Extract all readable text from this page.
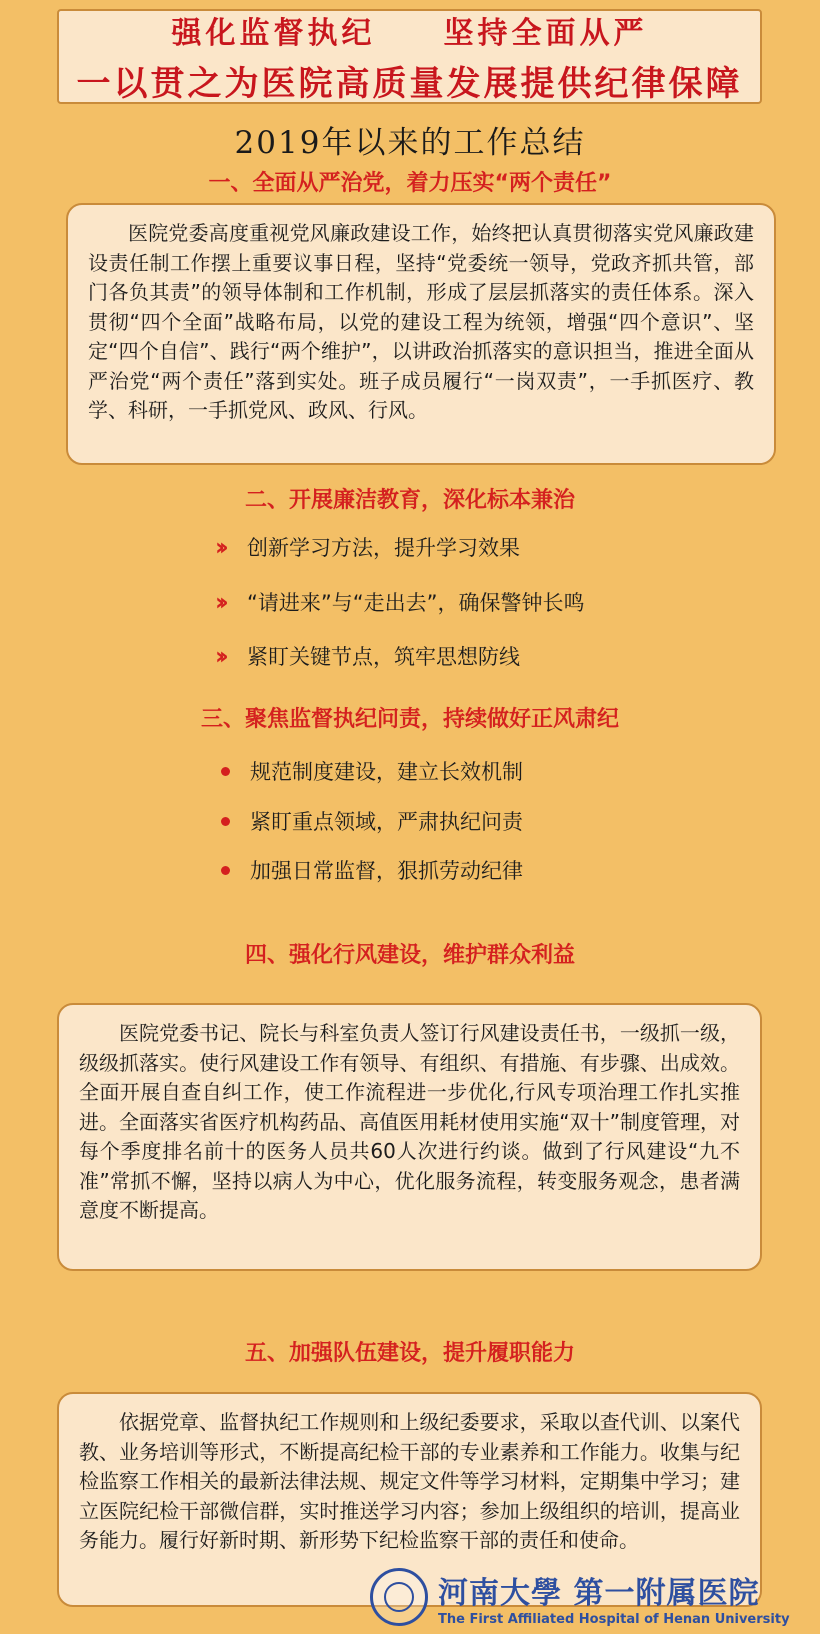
强化监督执纪　　坚持全面从严
一以贯之为医院高质量发展提供纪律保障
2019年以来的工作总结
一、全面从严治党，着力压实“两个责任”
医院党委高度重视党风廉政建设工作，始终把认真贯彻落实党风廉政建设责任制工作摆上重要议事日程，坚持“党委统一领导，党政齐抓共管，部门各负其责”的领导体制和工作机制，形成了层层抓落实的责任体系。深入贯彻“四个全面”战略布局，以党的建设工程为统领，增强“四个意识”、坚定“四个自信”、践行“两个维护”，以讲政治抓落实的意识担当，推进全面从严治党“两个责任”落到实处。班子成员履行“一岗双责”，一手抓医疗、教学、科研，一手抓党风、政风、行风。
二、开展廉洁教育，深化标本兼治
››	创新学习方法，提升学习效果
››	“请进来”与“走出去”，确保警钟长鸣
››	紧盯关键节点，筑牢思想防线
三、聚焦监督执纪问责，持续做好正风肃纪
规范制度建设，建立长效机制
紧盯重点领域，严肃执纪问责
加强日常监督，狠抓劳动纪律
四、强化行风建设，维护群众利益
医院党委书记、院长与科室负责人签订行风建设责任书，一级抓一级，级级抓落实。使行风建设工作有领导、有组织、有措施、有步骤、出成效。全面开展自查自纠工作，使工作流程进一步优化,行风专项治理工作扎实推进。全面落实省医疗机构药品、高值医用耗材使用实施“双十”制度管理，对每个季度排名前十的医务人员共60人次进行约谈。做到了行风建设“九不准”常抓不懈，坚持以病人为中心，优化服务流程，转变服务观念，患者满意度不断提高。
五、加强队伍建设，提升履职能力
依据党章、监督执纪工作规则和上级纪委要求，采取以查代训、以案代教、业务培训等形式，不断提高纪检干部的专业素养和工作能力。收集与纪检监察工作相关的最新法律法规、规定文件等学习材料，定期集中学习；建立医院纪检干部微信群，实时推送学习内容；参加上级组织的培训，提高业务能力。履行好新时期、新形势下纪检监察干部的责任和使命。
河南大學 第一附属医院
The First Affiliated Hospital of Henan University
